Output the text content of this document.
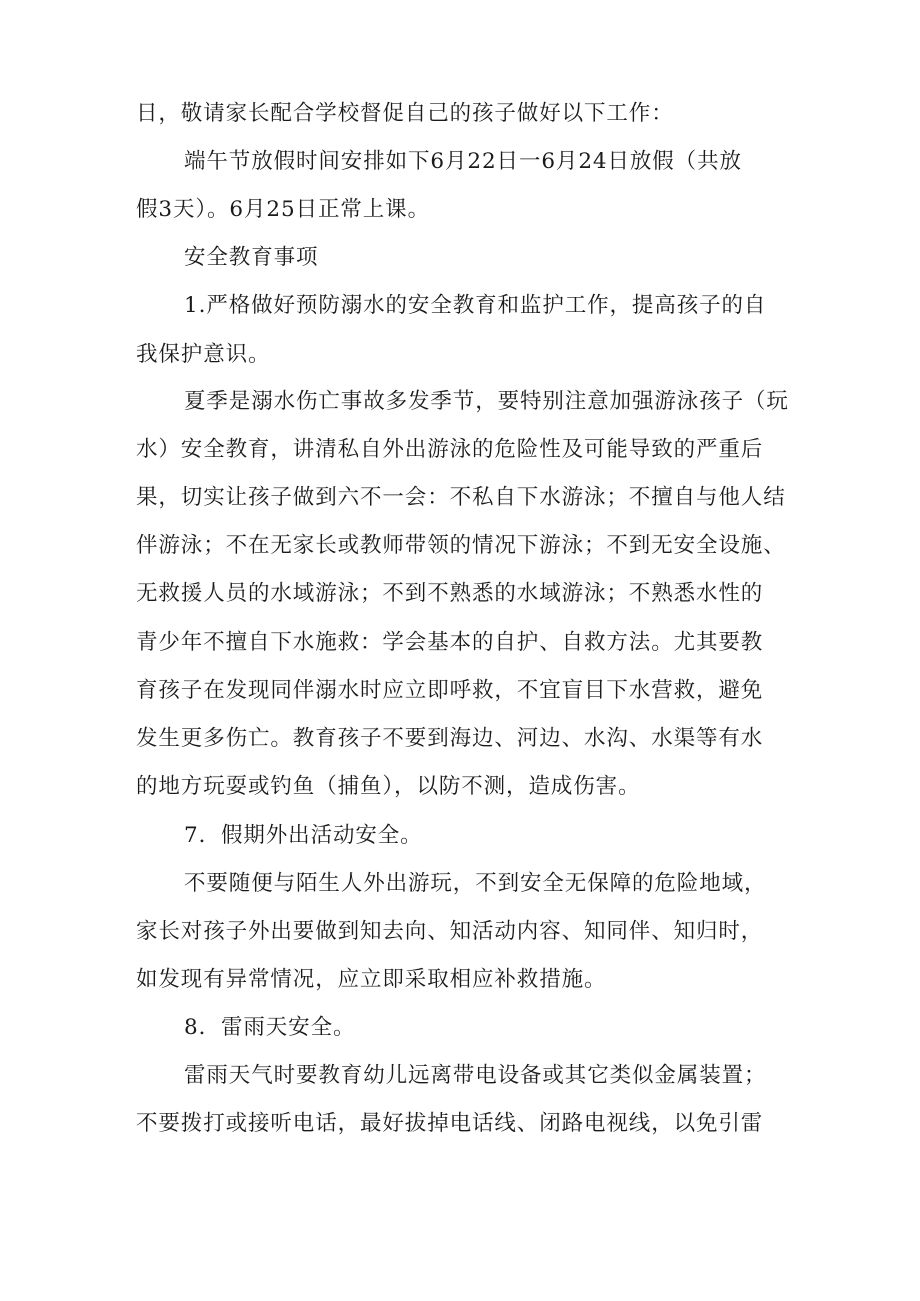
日，敬请家长配合学校督促自己的孩子做好以下工作：
端午节放假时间安排如下6月22日一6月24日放假（共放
假3天）。6月25日正常上课。
安全教育事项
1.严格做好预防溺水的安全教育和监护工作，提高孩子的自
我保护意识。
夏季是溺水伤亡事故多发季节，要特别注意加强游泳孩子（玩
水）安全教育，讲清私自外出游泳的危险性及可能导致的严重后
果，切实让孩子做到六不一会：不私自下水游泳；不擅自与他人结
伴游泳；不在无家长或教师带领的情况下游泳；不到无安全设施、
无救援人员的水域游泳；不到不熟悉的水域游泳；不熟悉水性的
青少年不擅自下水施救：学会基本的自护、自救方法。尤其要教
育孩子在发现同伴溺水时应立即呼救，不宜盲目下水营救，避免
发生更多伤亡。教育孩子不要到海边、河边、水沟、水渠等有水
的地方玩耍或钓鱼（捕鱼），以防不测，造成伤害。
7．假期外出活动安全。
不要随便与陌生人外出游玩，不到安全无保障的危险地域，
家长对孩子外出要做到知去向、知活动内容、知同伴、知归时，
如发现有异常情况，应立即采取相应补救措施。
8．雷雨天安全。
雷雨天气时要教育幼儿远离带电设备或其它类似金属装置；
不要拨打或接听电话，最好拔掉电话线、闭路电视线，以免引雷
